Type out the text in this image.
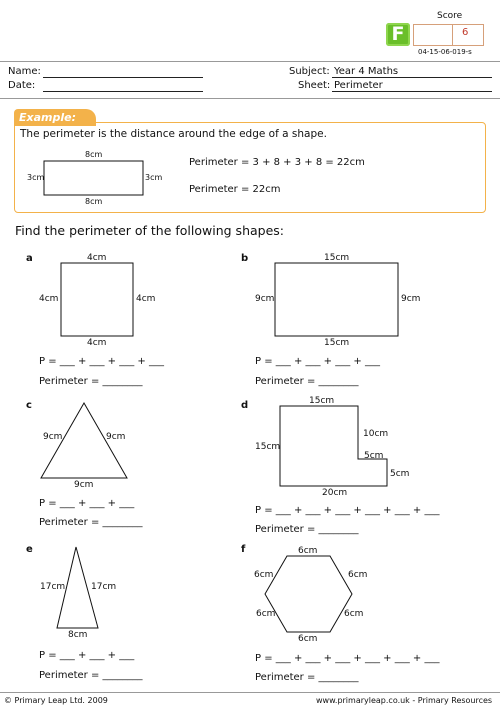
F
Score
6
04-15-06-019-s
Name:
Date:
Subject: Year 4 Maths
Sheet: Perimeter
Example:
The perimeter is the distance around the edge of a shape.
8cm
8cm
3cm	3cm
Perimeter = 3 + 8 + 3 + 8 = 22cm
Perimeter = 22cm
Find the perimeter of the following shapes:
a	4cm
4cm	4cm
4cm
P = ___ + ___ + ___ + ___
Perimeter = ________
b	15cm
9cm	9cm
15cm
P = ___ + ___ + ___ + ___
Perimeter = ________
c
9cm	9cm
9cm
P = ___ + ___ + ___
Perimeter = ________
d	15cm
15cm
10cm
5cm
5cm
20cm
P = ___ + ___ + ___ + ___ + ___ + ___
Perimeter = ________
e
17cm	17cm
8cm
P = ___ + ___ + ___
Perimeter = ________
f	6cm
6cm	6cm
6cm	6cm
6cm
P = ___ + ___ + ___ + ___ + ___ + ___
Perimeter = ________
© Primary Leap Ltd. 2009	www.primaryleap.co.uk - Primary Resources
